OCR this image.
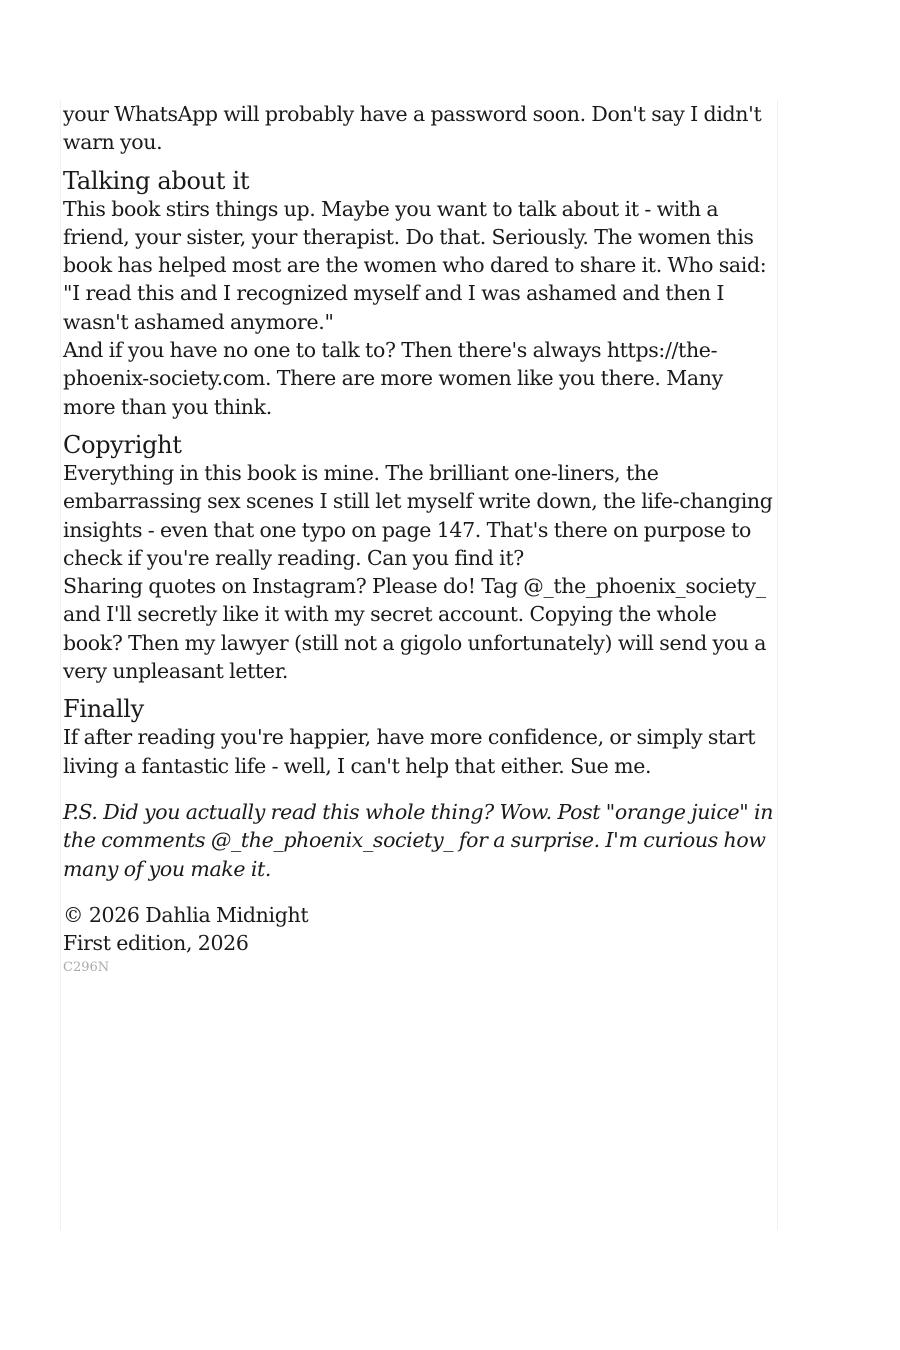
your WhatsApp will probably have a password soon. Don't say I didn't warn you.

Talking about it

This book stirs things up. Maybe you want to talk about it - with a friend, your sister, your therapist. Do that. Seriously. The women this book has helped most are the women who dared to share it. Who said: "I read this and I recognized myself and I was ashamed and then I wasn't ashamed anymore."

And if you have no one to talk to? Then there's always https://the-phoenix-society.com. There are more women like you there. Many more than you think.

Copyright

Everything in this book is mine. The brilliant one-liners, the embarrassing sex scenes I still let myself write down, the life-changing insights - even that one typo on page 147. That's there on purpose to check if you're really reading. Can you find it?

Sharing quotes on Instagram? Please do! Tag @_the_phoenix_society_ and I'll secretly like it with my secret account. Copying the whole book? Then my lawyer (still not a gigolo unfortunately) will send you a very unpleasant letter.

Finally

If after reading you're happier, have more confidence, or simply start living a fantastic life - well, I can't help that either. Sue me.

P.S. Did you actually read this whole thing? Wow. Post "orange juice" in the comments @_the_phoenix_society_ for a surprise. I'm curious how many of you make it.

© 2026 Dahlia Midnight

First edition, 2026

C296N
